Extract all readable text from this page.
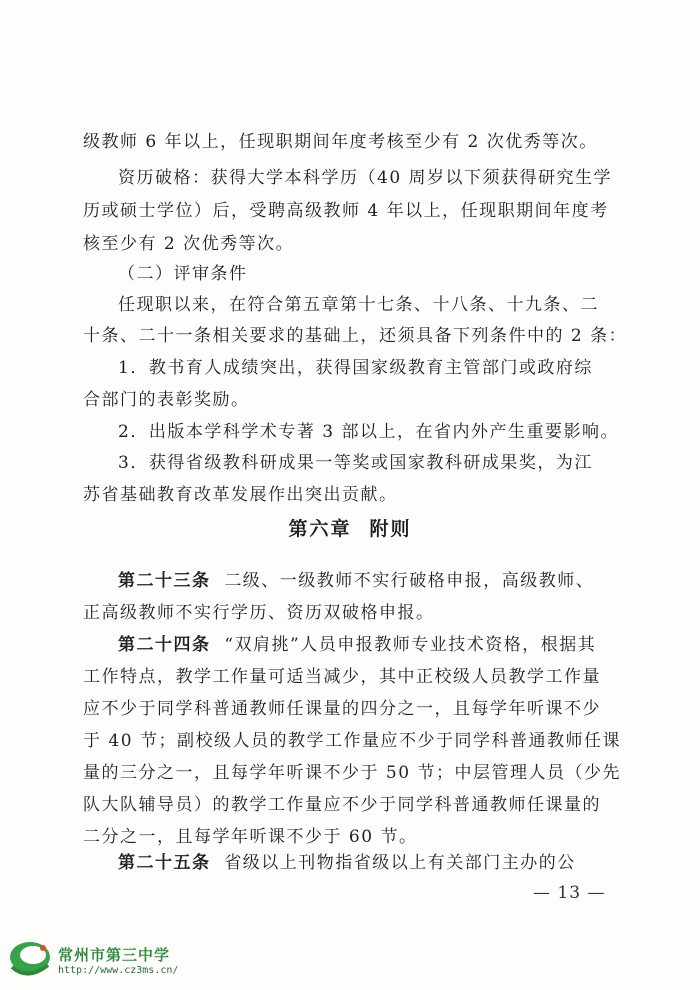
级教师 6 年以上，任现职期间年度考核至少有 2 次优秀等次。
资历破格：获得大学本科学历（40 周岁以下须获得研究生学
历或硕士学位）后，受聘高级教师 4 年以上，任现职期间年度考
核至少有 2 次优秀等次。
（二）评审条件
任现职以来，在符合第五章第十七条、十八条、十九条、二
十条、二十一条相关要求的基础上，还须具备下列条件中的 2 条：
1．教书育人成绩突出，获得国家级教育主管部门或政府综
合部门的表彰奖励。
2．出版本学科学术专著 3 部以上，在省内外产生重要影响。
3．获得省级教科研成果一等奖或国家教科研成果奖，为江
苏省基础教育改革发展作出突出贡献。
第六章 附则
第二十三条 二级、一级教师不实行破格申报，高级教师、
正高级教师不实行学历、资历双破格申报。
第二十四条 “双肩挑”人员申报教师专业技术资格，根据其
工作特点，教学工作量可适当减少，其中正校级人员教学工作量
应不少于同学科普通教师任课量的四分之一，且每学年听课不少
于 40 节；副校级人员的教学工作量应不少于同学科普通教师任课
量的三分之一，且每学年听课不少于 50 节；中层管理人员（少先
队大队辅导员）的教学工作量应不少于同学科普通教师任课量的
二分之一，且每学年听课不少于 60 节。
第二十五条 省级以上刊物指省级以上有关部门主办的公
— 13 —
常州市第三中学
http://www.cz3ms.cn/
